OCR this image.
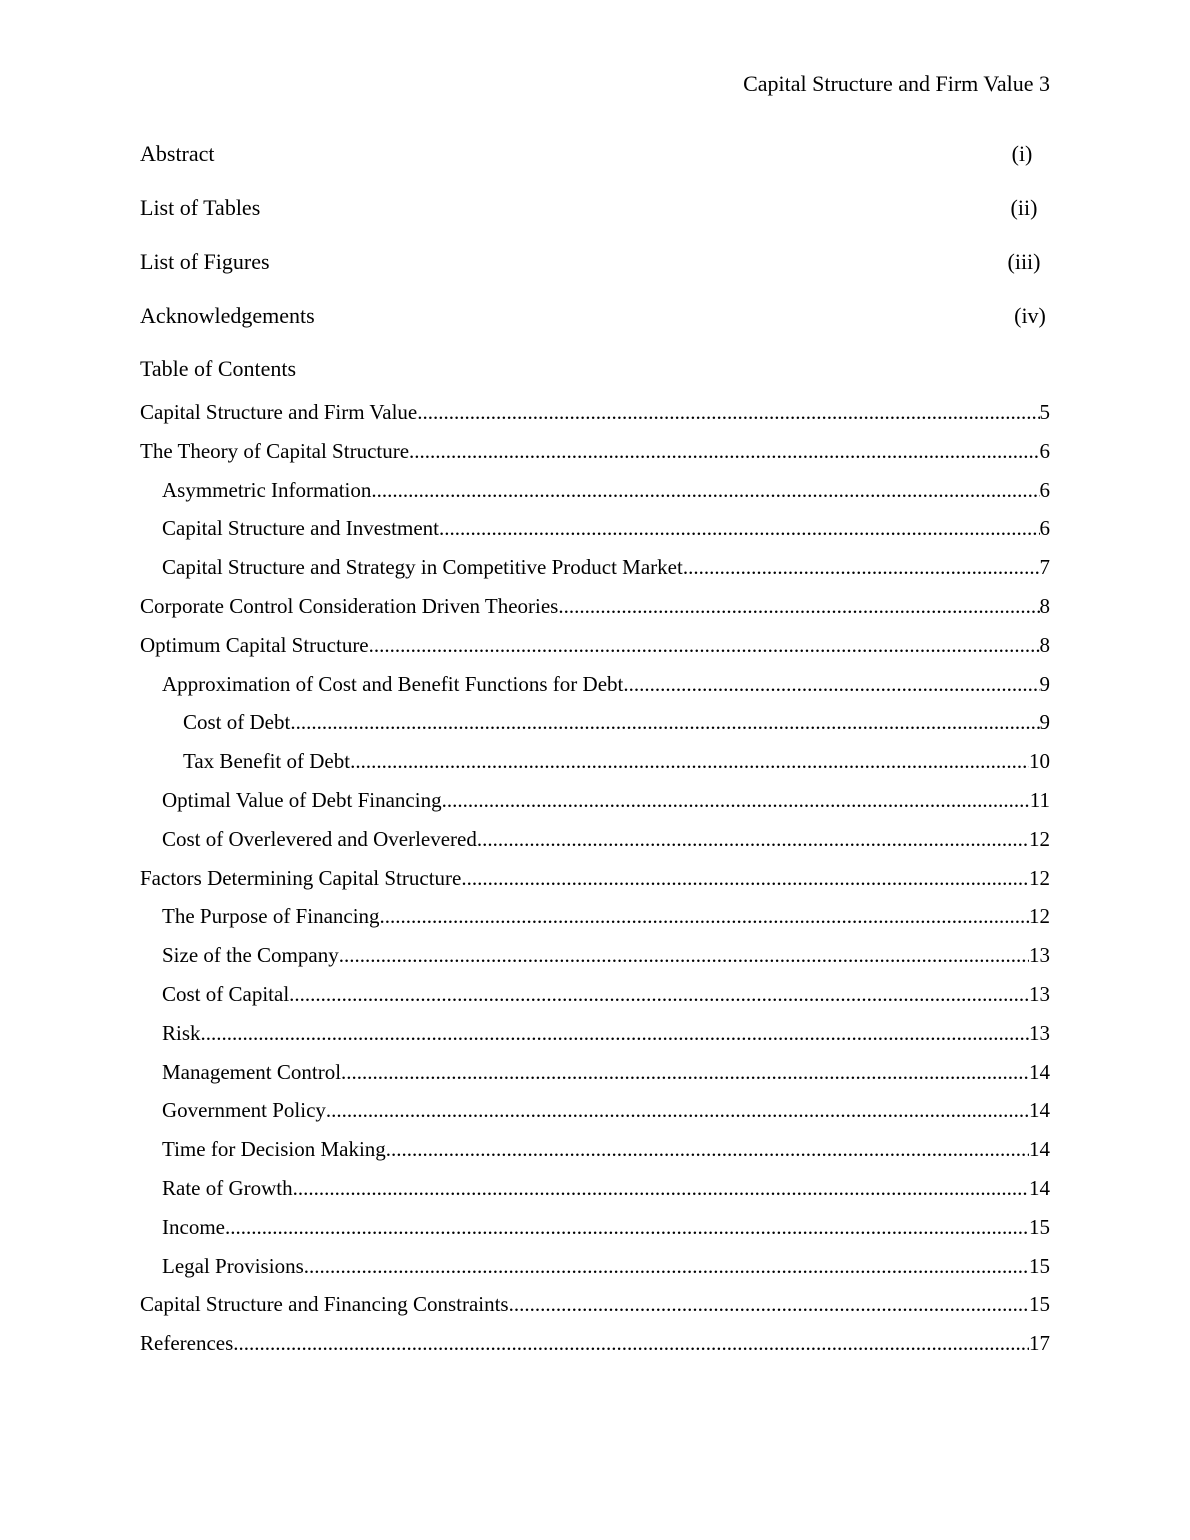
Capital Structure and Firm Value 3
Abstract	(i)
List of Tables	(ii)
List of Figures	(iii)
Acknowledgements	(iv)
Table of Contents
Capital Structure and Firm Value .....	5
The Theory of Capital Structure .....	6
Asymmetric Information .....	6
Capital Structure and Investment .....	6
Capital Structure and Strategy in Competitive Product Market .....	7
Corporate Control Consideration Driven Theories .....	8
Optimum Capital Structure .....	8
Approximation of Cost and Benefit Functions for Debt .....	9
Cost of Debt .....	9
Tax Benefit of Debt .....	10
Optimal Value of Debt Financing .....	11
Cost of Overlevered and Overlevered .....	12
Factors Determining Capital Structure .....	12
The Purpose of Financing .....	12
Size of the Company .....	13
Cost of Capital .....	13
Risk .....	13
Management Control .....	14
Government Policy .....	14
Time for Decision Making .....	14
Rate of Growth .....	14
Income .....	15
Legal Provisions .....	15
Capital Structure and Financing Constraints .....	15
References .....	17
